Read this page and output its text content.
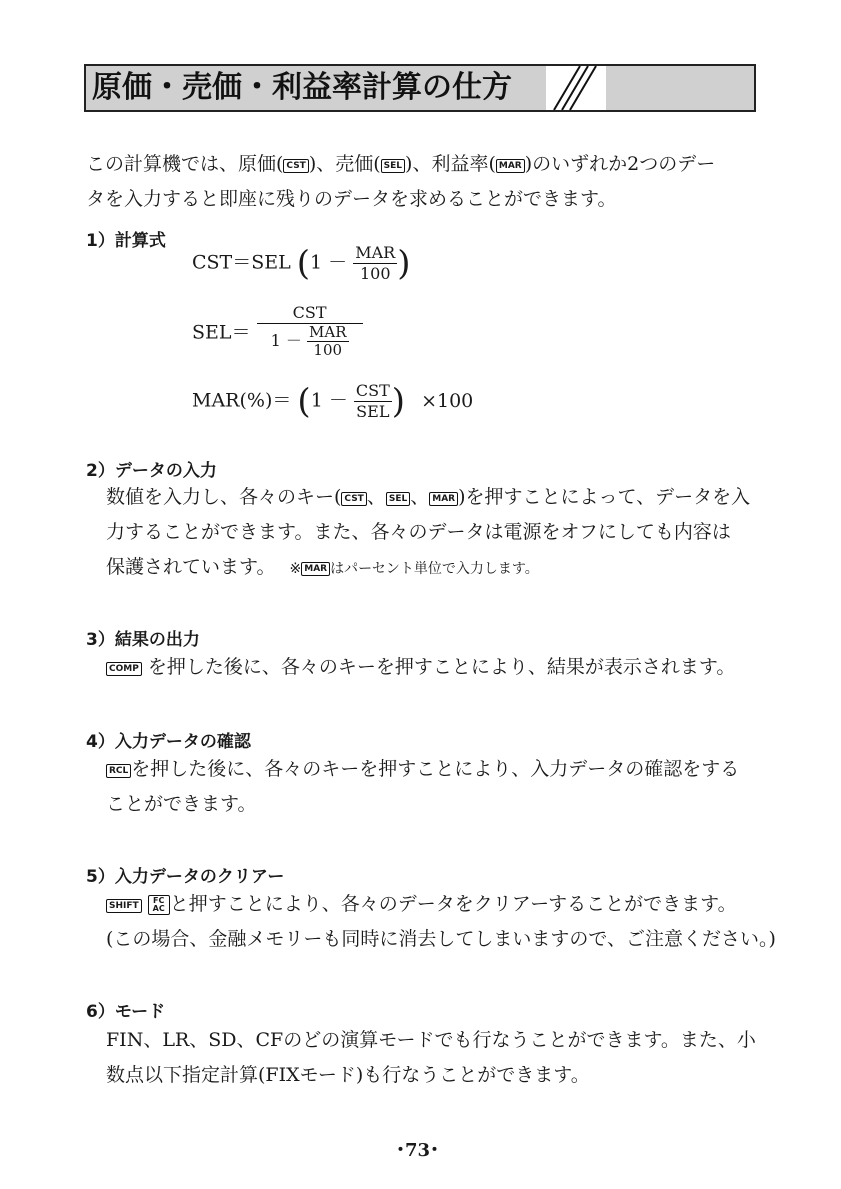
原価・売価・利益率計算の仕方
この計算機では、原価( CST )、売価( SEL )、利益率( MAR )のいずれか2つのデー
タを入力すると即座に残りのデータを求めることができます。
1）計算式
CST＝SEL ($1 - \frac{\text{MAR}}{100}$ )
$SEL= \frac{\text{CST}}{1 - \frac{\text{MAR}}{100}}$
$MAR(\%)= (1 - \frac{\text{CST}}{\text{SEL}}$ ) ×100
2）データの入力
数値を入力し、各々のキー( CST 、 SEL 、 MAR )を押すことによって、データを入
力することができます。また、各々のデータは電源をオフにしても内容は
保護されています。 ※ MAR はパーセント単位で入力します。
3）結果の出力
COMP を押した後に、各々のキーを押すことにより、結果が表示されます。
4）入力データの確認
RCL を押した後に、各々のキーを押すことにより、入力データの確認をする
ことができます。
5）入力データのクリアー
SHIFT
FC
AC と押すことにより、各々のデータをクリアーすることができます。
(この場合、金融メモリーも同時に消去してしまいますので、ご注意ください。)
6）モード
FIN、LR、SD、CFのどの演算モードでも行なうことができます。また、小
数点以下指定計算(FIXモード)も行なうことができます。
･73･
